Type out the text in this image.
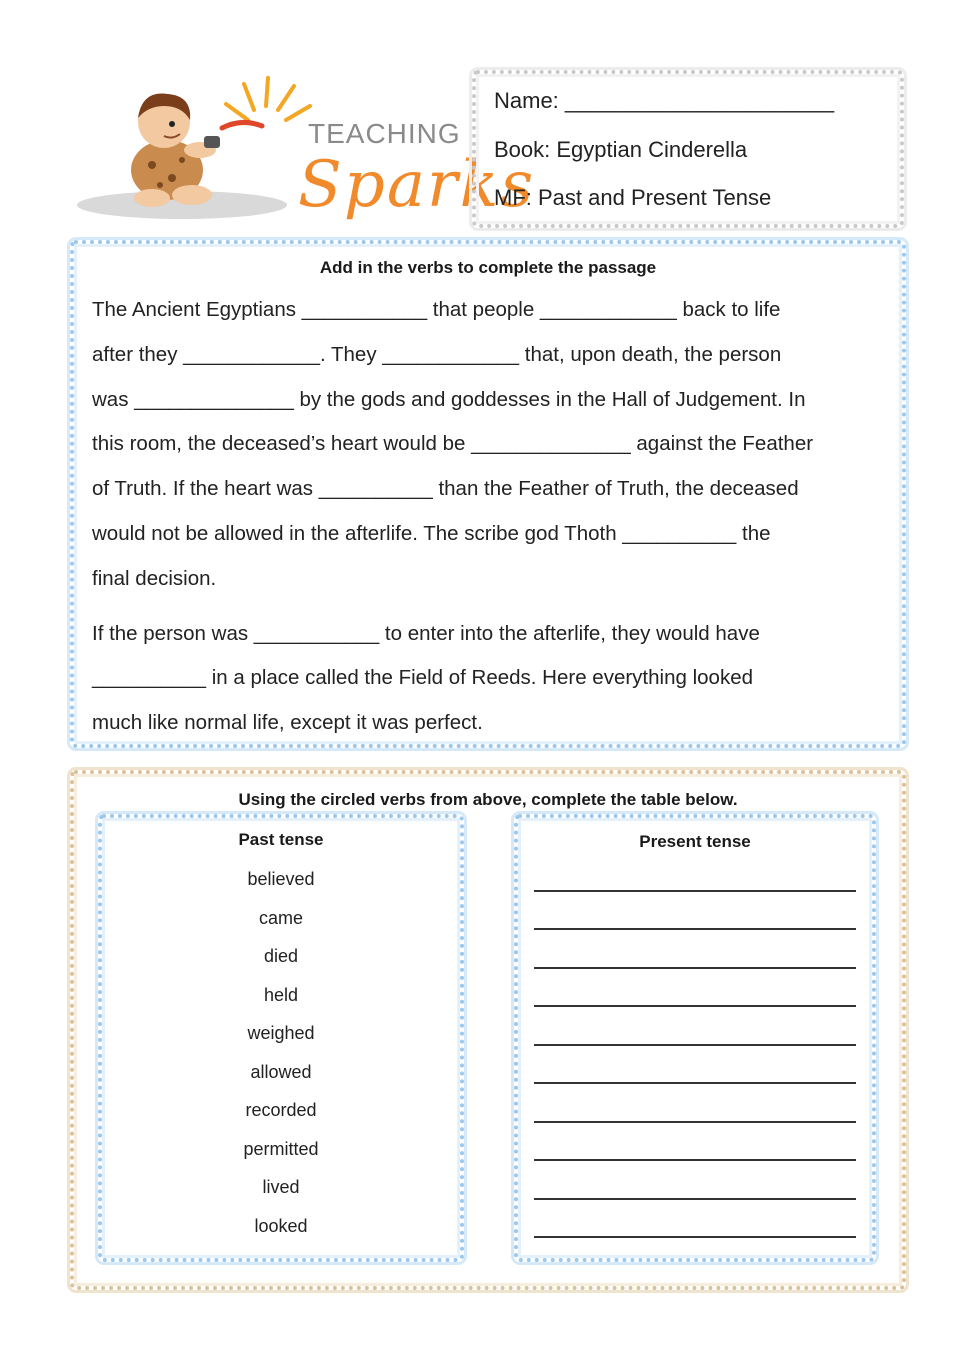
TEACHING
Sparks
Name: ______________________
Book: Egyptian Cinderella
MF: Past and Present Tense
Add in the verbs to complete the passage
The Ancient Egyptians ___________ that people ____________ back to life
after they ____________. They ____________ that, upon death, the person
was ______________ by the gods and goddesses in the Hall of Judgement. In
this room, the deceased’s heart would be ______________ against the Feather
of Truth. If the heart was __________ than the Feather of Truth, the deceased
would not be allowed in the afterlife. The scribe god Thoth __________ the
final decision.
If the person was ___________ to enter into the afterlife, they would have
__________ in a place called the Field of Reeds. Here everything looked
much like normal life, except it was perfect.
Using the circled verbs from above, complete the table below.
Past tense
believed
came
died
held
weighed
allowed
recorded
permitted
lived
looked
Present tense
